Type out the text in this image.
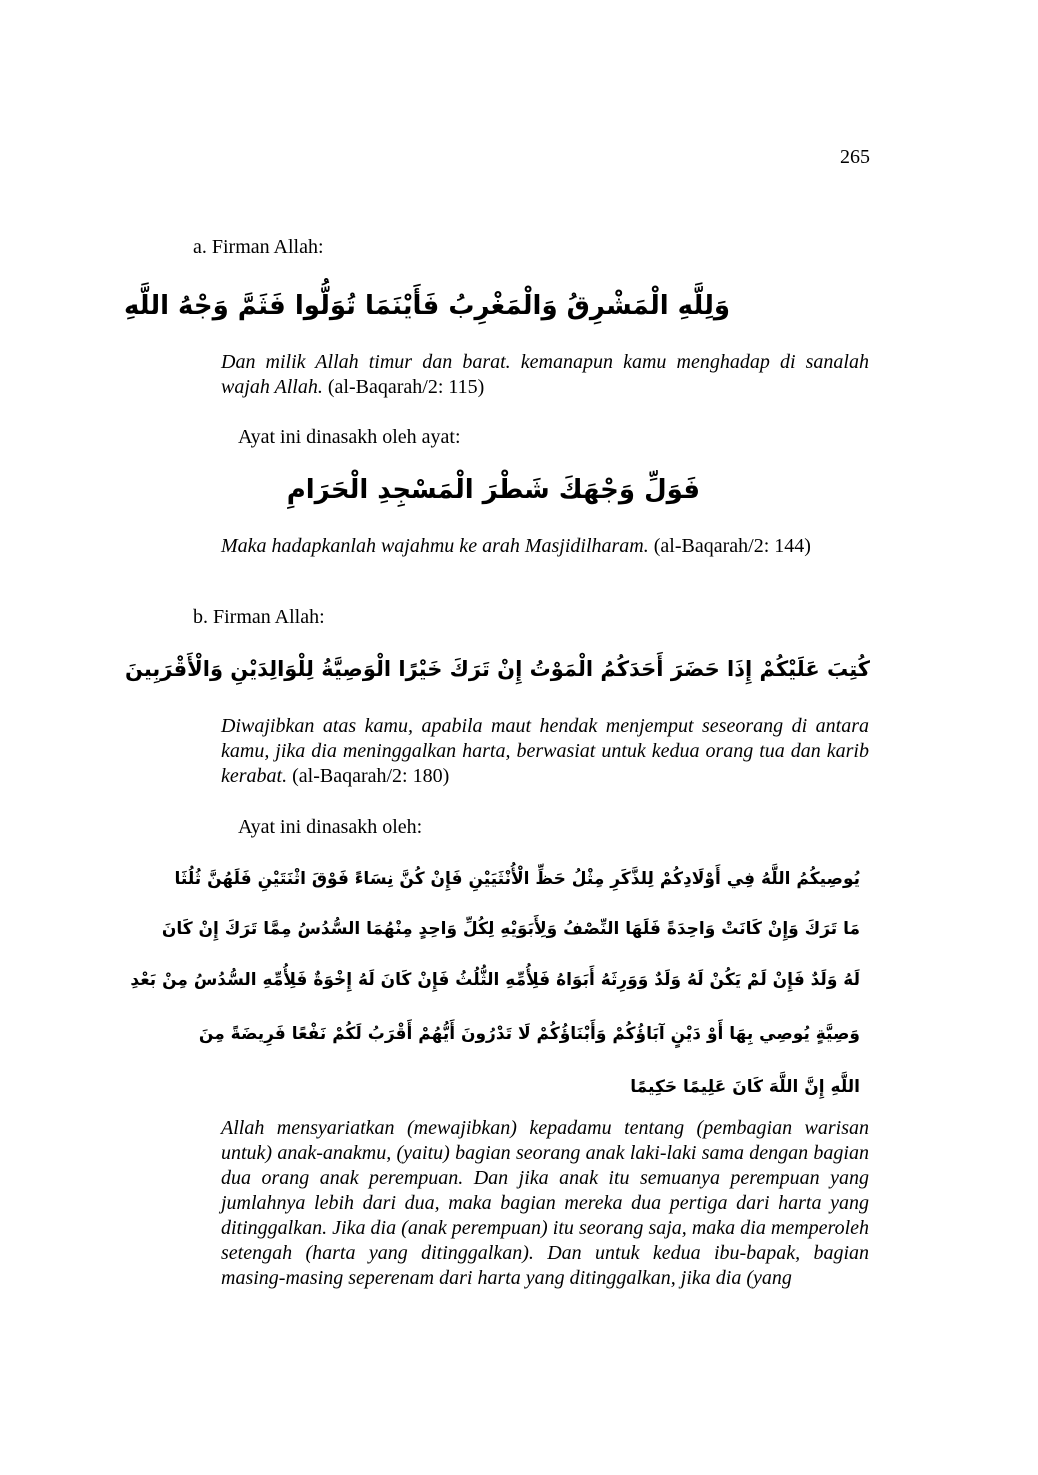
265
a. Firman Allah:
وَلِلَّهِ الْمَشْرِقُ وَالْمَغْرِبُ فَأَيْنَمَا تُوَلُّوا فَثَمَّ وَجْهُ اللَّهِ
Dan milik Allah timur dan barat. kemanapun kamu menghadap di sanalah wajah Allah. (al-Baqarah/2: 115)
Ayat ini dinasakh oleh ayat:
فَوَلِّ وَجْهَكَ شَطْرَ الْمَسْجِدِ الْحَرَامِ
Maka hadapkanlah wajahmu ke arah Masjidilharam. (al-Baqarah/2: 144)
b. Firman Allah:
كُتِبَ عَلَيْكُمْ إِذَا حَضَرَ أَحَدَكُمُ الْمَوْتُ إِنْ تَرَكَ خَيْرًا الْوَصِيَّةُ لِلْوَالِدَيْنِ وَالْأَقْرَبِينَ
Diwajibkan atas kamu, apabila maut hendak menjemput seseorang di antara kamu, jika dia meninggalkan harta, berwasiat untuk kedua orang tua dan karib kerabat. (al-Baqarah/2: 180)
Ayat ini dinasakh oleh:
يُوصِيكُمُ اللَّهُ فِي أَوْلَادِكُمْ لِلذَّكَرِ مِثْلُ حَظِّ الْأُنْثَيَيْنِ فَإِنْ كُنَّ نِسَاءً فَوْقَ اثْنَتَيْنِ فَلَهُنَّ ثُلُثَا
مَا تَرَكَ وَإِنْ كَانَتْ وَاحِدَةً فَلَهَا النِّصْفُ وَلِأَبَوَيْهِ لِكُلِّ وَاحِدٍ مِنْهُمَا السُّدُسُ مِمَّا تَرَكَ إِنْ كَانَ
لَهُ وَلَدٌ فَإِنْ لَمْ يَكُنْ لَهُ وَلَدٌ وَوَرِثَهُ أَبَوَاهُ فَلِأُمِّهِ الثُّلُثُ فَإِنْ كَانَ لَهُ إِخْوَةٌ فَلِأُمِّهِ السُّدُسُ مِنْ بَعْدِ
وَصِيَّةٍ يُوصِي بِهَا أَوْ دَيْنٍ آبَاؤُكُمْ وَأَبْنَاؤُكُمْ لَا تَدْرُونَ أَيُّهُمْ أَقْرَبُ لَكُمْ نَفْعًا فَرِيضَةً مِنَ
اللَّهِ إِنَّ اللَّهَ كَانَ عَلِيمًا حَكِيمًا
Allah mensyariatkan (mewajibkan) kepadamu tentang (pembagian warisan untuk) anak-anakmu, (yaitu) bagian seorang anak laki-laki sama dengan bagian dua orang anak perempuan. Dan jika anak itu semuanya perempuan yang jumlahnya lebih dari dua, maka bagian mereka dua pertiga dari harta yang ditinggalkan. Jika dia (anak perempuan) itu seorang saja, maka dia memperoleh setengah (harta yang ditinggalkan). Dan untuk kedua ibu-bapak, bagian masing-masing seperenam dari harta yang ditinggalkan, jika dia (yang
